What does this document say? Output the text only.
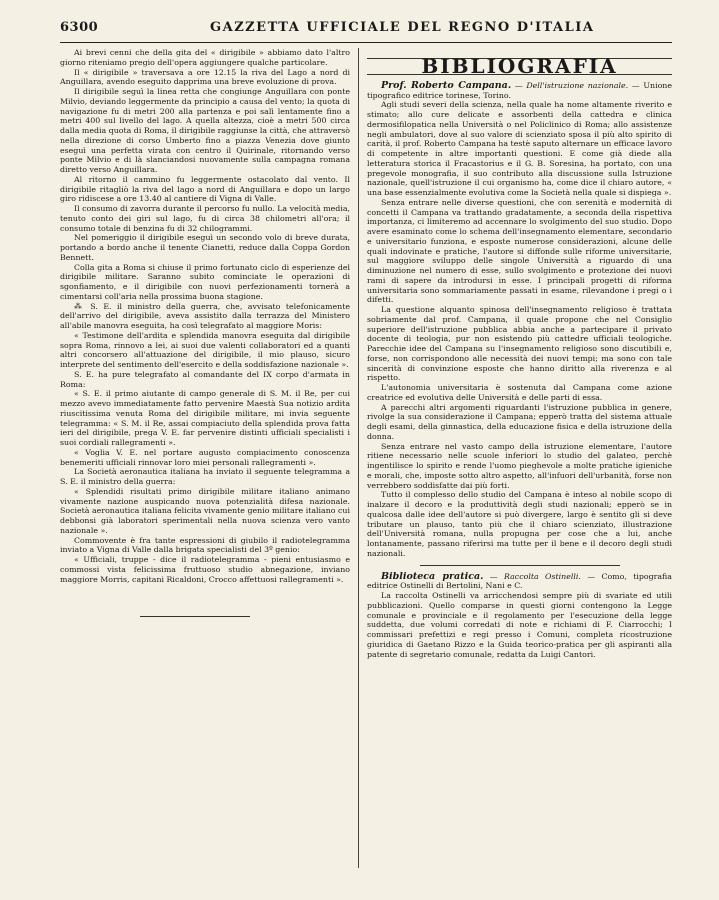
6300	GAZZETTA UFFICIALE DEL REGNO D'ITALIA

Ai brevi cenni che della gita del « dirigibile » abbiamo dato l'altro giorno riteniamo pregio dell'opera aggiungere qualche particolare.

Il « dirigibile » traversava a ore 12.15 la riva del Lago a nord di Anguillara, avendo eseguito dapprima una breve evoluzione di prova.

Il dirigibile seguì la linea retta che congiunge Anguillara con ponte Milvio, deviando leggermente da principio a causa del vento; la quota di navigazione fu di metri 200 alla partenza e poi salì lentamente fino a metri 400 sul livello del lago. A quella altezza, cioè a metri 500 circa dalla media quota di Roma, il dirigibile raggiunse la città, che attraversò nella direzione di corso Umberto fino a piazza Venezia dove giunto eseguì una perfetta virata con centro il Quirinale, ritornando verso ponte Milvio e di là slanciandosi nuovamente sulla campagna romana diretto verso Anguillara.

Al ritorno il cammino fu leggermente ostacolato dal vento. Il dirigibile ritagliò la riva del lago a nord di Anguillara e dopo un largo giro ridiscese a ore 13.40 al cantiere di Vigna di Valle.

Il consumo di zavorra durante il percorso fu nullo. La velocità media, tenuto conto dei giri sul lago, fu di circa 38 chilometri all'ora; il consumo totale di benzina fu di 32 chilogrammi.

Nel pomeriggio il dirigibile eseguì un secondo volo di breve durata, portando a bordo anche il tenente Cianetti, reduce dalla Coppa Gordon Bennett.

Colla gita a Roma si chiuse il primo fortunato ciclo di esperienze del dirigibile militare. Saranno subito cominciate le operazioni di sgonfiamento, e il dirigibile con nuovi perfezionamenti tornerà a cimentarsi coll'aria nella prossima buona stagione.

⁂ S. E. il ministro della guerra, che, avvisato telefonicamente dell'arrivo del dirigibile, aveva assistito dalla terrazza del Ministero all'abile manovra eseguita, ha così telegrafato al maggiore Moris:

« Testimone dell'ardita e splendida manovra eseguita dal dirigibile sopra Roma, rinnovo a lei, ai suoi due valenti collaboratori ed a quanti altri concorsero all'attuazione del dirigibile, il mio plauso, sicuro interprete del sentimento dell'esercito e della soddisfazione nazionale ».

S. E. ha pure telegrafato al comandante del IX corpo d'armata in Roma:

« S. E. il primo aiutante di campo generale di S. M. il Re, per cui mezzo avevo immediatamente fatto pervenire Maestà Sua notizio ardita riuscitissima venuta Roma del dirigibile militare, mi invia seguente telegramma: « S. M. il Re, assai compiaciuto della splendida prova fatta ieri del dirigibile, prega V. E. far pervenire distinti ufficiali specialisti i suoi cordiali rallegramenti ».

« Voglia V. E. nel portare augusto compiacimento conoscenza benemeriti ufficiali rinnovar loro miei personali rallegramenti ».

La Società aeronautica italiana ha inviato il seguente telegramma a S. E. il ministro della guerra:

« Splendidi risultati primo dirigibile militare italiano animano vivamente nazione auspicando nuova potenzialità difesa nazionale. Società aeronautica italiana felicita vivamente genio militare italiano cui debbonsi già laboratori sperimentali nella nuova scienza vero vanto nazionale ».

Commovente è fra tante espressioni di giubilo il radiotelegramma inviato a Vigna di Valle dalla brigata specialisti del 3º genio:

« Ufficiali, truppe - dice il radiotelegramma - pieni entusiasmo e commossi vista felicissima fruttuoso studio abnegazione, inviano maggiore Morris, capitani Ricaldoni, Crocco affettuosi rallegramenti ».

BIBLIOGRAFIA

Prof. Roberto Campana. — Dell'istruzione nazionale. — Unione tipografico editrice torinese, Torino.

Agli studi severi della scienza, nella quale ha nome altamente riverito e stimato; allo cure delicate e assorbenti della cattedra e clinica dermosifilopatica nella Università o nel Policlinico di Roma; allo assistenze negli ambulatori, dove al suo valore di scienziato sposa il più alto spirito di carità, il prof. Roberto Campana ha testè saputo alternare un efficace lavoro di competente in altre importanti questioni. E come già diede alla letteratura storica il Fracastorius e il G. B. Soresina, ha portato, con una pregevole monografia, il suo contributo alla discussione sulla Istruzione nazionale, quell'istruzione il cui organismo ha, come dice il chiaro autore, « una base essenzialmente evolutiva come la Società nella quale si dispiega ».

Senza entrare nelle diverse questioni, che con serenità e modernità di concetti il Campana va trattando gradatamente, a seconda della rispettiva importanza, ci limiteremo ad accennare lo svolgimento del suo studio. Dopo avere esaminato come lo schema dell'insegnamento elementare, secondario e universitario funziona, e esposte numerose considerazioni, alcune delle quali indovinate e pratiche, l'autore si diffonde sulle riforme universitarie, sul maggiore sviluppo delle singole Università a riguardo di una diminuzione nel numero di esse, sullo svolgimento e protezione dei nuovi rami di sapere da introdursi in esse. I principali progetti di riforma universitaria sono sommariamente passati in esame, rilevandone i pregi o i difetti.

La questione alquanto spinosa dell'insegnamento religioso è trattata sobriamente dal prof. Campana, il quale propone che nel Consiglio superiore dell'istruzione pubblica abbia anche a partecipare il privato docente di teologia, pur non esistendo più cattedre ufficiali teologiche. Parecchie idee del Campana su l'insegnamento religioso sono discutibili e, forse, non corrispondono alle necessità dei nuovi tempi; ma sono con tale sincerità di convinzione esposte che hanno diritto alla riverenza e al rispetto.

L'autonomia universitaria è sostenuta dal Campana come azione creatrice ed evolutiva delle Università e delle parti di essa.

A parecchi altri argomenti riguardanti l'istruzione pubblica in genere, rivolge la sua considerazione il Campana; epperò tratta del sistema attuale degli esami, della ginnastica, della educazione fisica e della istruzione della donna.

Senza entrare nel vasto campo della istruzione elementare, l'autore ritiene necessario nelle scuole inferiori lo studio del galateo, perchè ingentilisce lo spirito e rende l'uomo pieghevole a molte pratiche igieniche e morali, che, imposte sotto altro aspetto, all'infuori dell'urbanità, forse non verrebbero soddisfatte dai più forti.

Tutto il complesso dello studio del Campana è inteso al nobile scopo di inalzare il decoro e la produttività degli studi nazionali; epperò se in qualcosa dalle idee dell'autore si può divergere, largo è sentito gli si deve tributare un plauso, tanto più che il chiaro scienziato, illustrazione dell'Università romana, nulla propugna per cose che a lui, anche lontanamente, passano riferirsi ma tutte per il bene e il decoro degli studi nazionali.

Biblioteca pratica. — Raccolta Ostinelli. — Como, tipografia editrice Ostinelli di Bertolini, Nani e C.

La raccolta Ostinelli va arricchendosi sempre più di svariate ed utili pubblicazioni. Quello comparse in questi giorni contengono la Legge comunale e provinciale e il regolamento per l'esecuzione della legge suddetta, due volumi corredati di note e richiami di F. Ciarrocchi; I commissari prefettizi e regi presso i Comuni, completa ricostruzione giuridica di Gaetano Rizzo e la Guida teorico-pratica per gli aspiranti alla patente di segretario comunale, redatta da Luigi Cantori.
